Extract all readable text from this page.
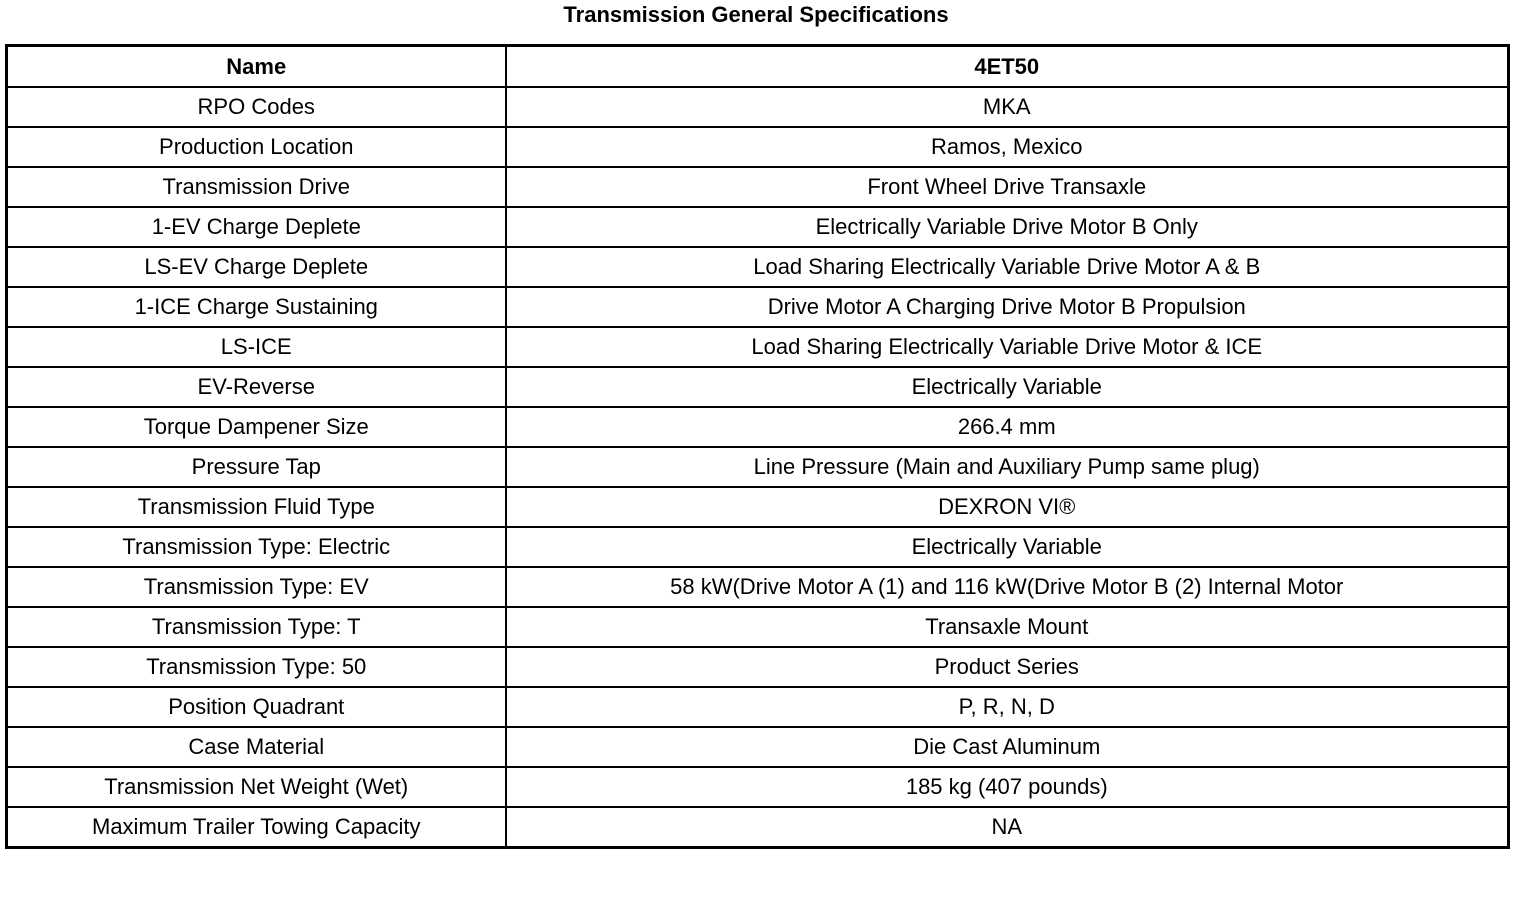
Transmission General Specifications
Name	4ET50
RPO Codes	MKA
Production Location	Ramos, Mexico
Transmission Drive	Front Wheel Drive Transaxle
1-EV Charge Deplete	Electrically Variable Drive Motor B Only
LS-EV Charge Deplete	Load Sharing Electrically Variable Drive Motor A & B
1-ICE Charge Sustaining	Drive Motor A Charging Drive Motor B Propulsion
LS-ICE	Load Sharing Electrically Variable Drive Motor & ICE
EV-Reverse	Electrically Variable
Torque Dampener Size	266.4 mm
Pressure Tap	Line Pressure (Main and Auxiliary Pump same plug)
Transmission Fluid Type	DEXRON VI®
Transmission Type: Electric	Electrically Variable
Transmission Type: EV	58 kW(Drive Motor A (1) and 116 kW(Drive Motor B (2) Internal Motor
Transmission Type: T	Transaxle Mount
Transmission Type: 50	Product Series
Position Quadrant	P, R, N, D
Case Material	Die Cast Aluminum
Transmission Net Weight (Wet)	185 kg (407 pounds)
Maximum Trailer Towing Capacity	NA
